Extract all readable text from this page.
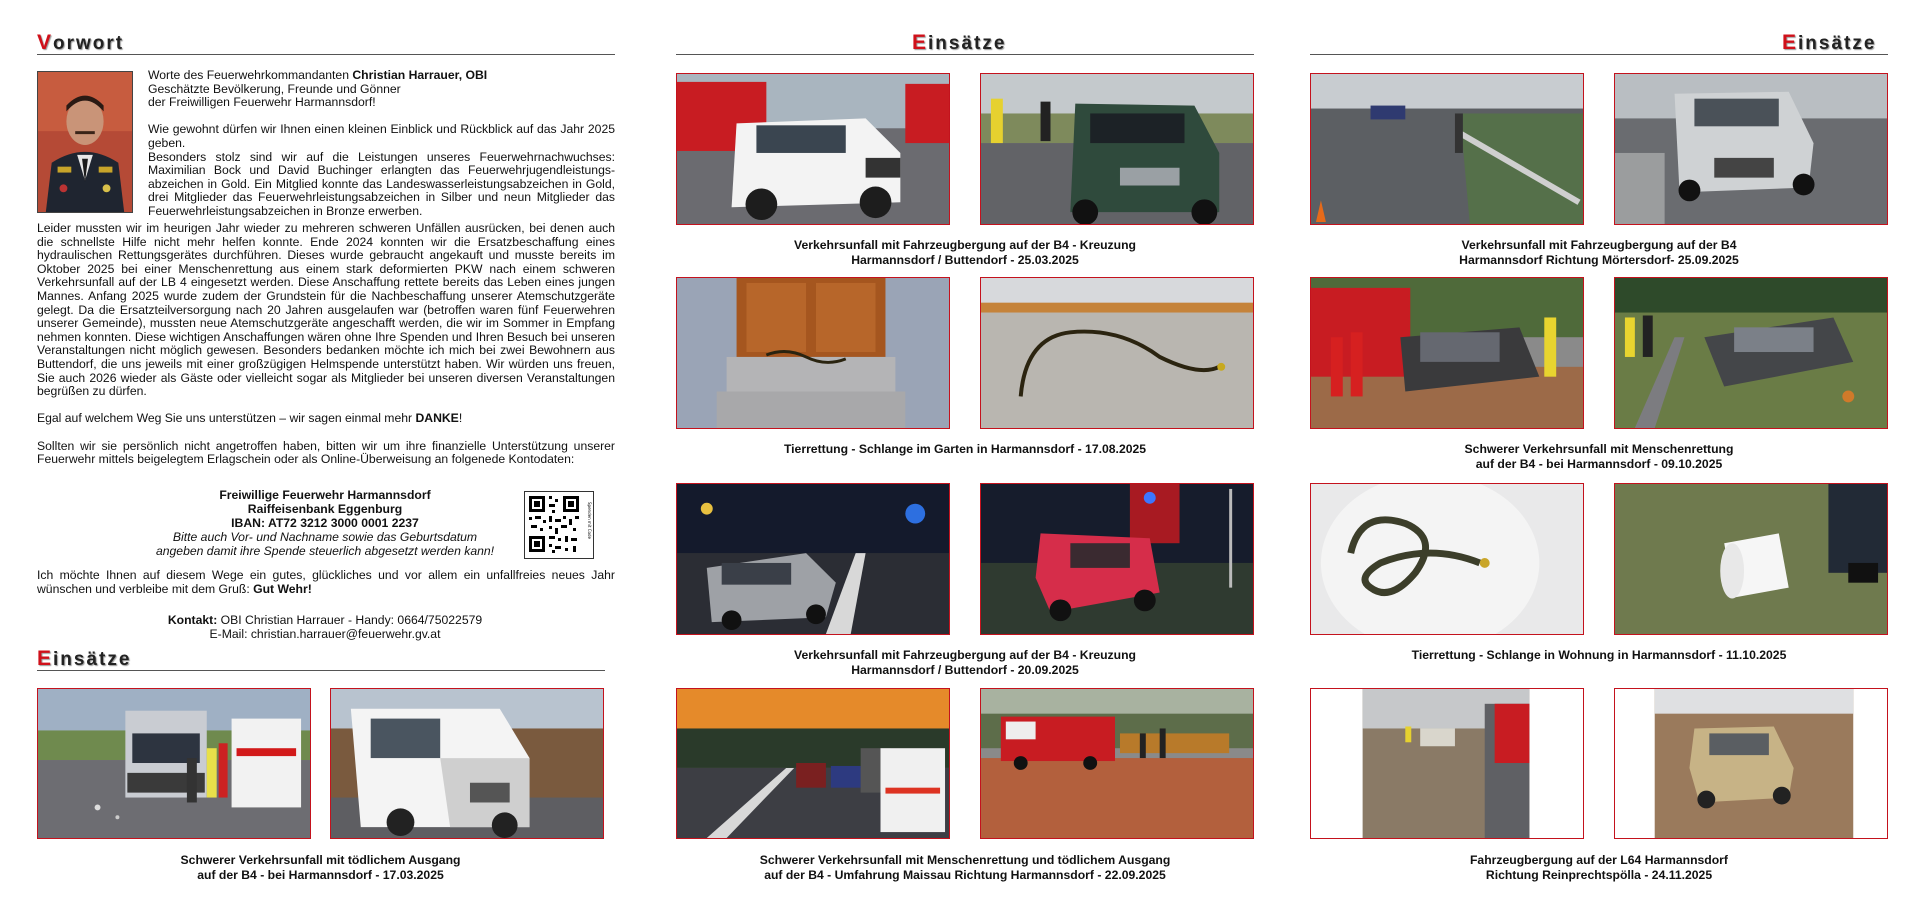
Vorwort

Worte des Feuerwehrkommandanten Christian Harrauer, OBI

Geschätzte Bevölkerung, Freunde und Gönner

der Freiwilligen Feuerwehr Harmannsdorf!

Wie gewohnt dürfen wir Ihnen einen kleinen Einblick und Rückblick auf das Jahr 2025 geben.

Besonders stolz sind wir auf die Leistungen unseres Feuerwehrnachwuchses: Maximilian Bock und David Buchinger erlangten das Feuerwehrjugendleistungs-abzeichen in Gold. Ein Mitglied konnte das Landeswasserleistungsabzeichen in Gold, drei Mitglieder das Feuerwehrleistungsabzeichen in Silber und neun Mitglieder das Feuerwehrleistungsabzeichen in Bronze erwerben.

Leider mussten wir im heurigen Jahr wieder zu mehreren schweren Unfällen ausrücken, bei denen auch die schnellste Hilfe nicht mehr helfen konnte. Ende 2024 konnten wir die Ersatzbeschaffung eines hydraulischen Rettungsgerätes durchführen. Dieses wurde gebraucht angekauft und musste bereits im Oktober 2025 bei einer Menschenrettung aus einem stark deformierten PKW nach einem schweren Verkehrsunfall auf der LB 4 eingesetzt werden. Diese Anschaffung rettete bereits das Leben eines jungen Mannes. Anfang 2025 wurde zudem der Grundstein für die Nachbeschaffung unserer Atemschutzgeräte gelegt. Da die Ersatzteilversorgung nach 20 Jahren ausgelaufen war (betroffen waren fünf Feuerwehren unserer Gemeinde), mussten neue Atemschutzgeräte angeschafft werden, die wir im Sommer in Empfang nehmen konnten. Diese wichtigen Anschaffungen wären ohne Ihre Spenden und Ihren Besuch bei unseren Veranstaltungen nicht möglich gewesen. Besonders bedanken möchte ich mich bei zwei Bewohnern aus Buttendorf, die uns jeweils mit einer großzügigen Helmspende unterstützt haben. Wir würden uns freuen, Sie auch 2026 wieder als Gäste oder vielleicht sogar als Mitglieder bei unseren diversen Veranstaltungen begrüßen zu dürfen.

Egal auf welchem Weg Sie uns unterstützen – wir sagen einmal mehr DANKE!

Sollten wir sie persönlich nicht angetroffen haben, bitten wir um ihre finanzielle Unterstützung unserer Feuerwehr mittels beigelegtem Erlagschein oder als Online-Überweisung an folgenede Kontodaten:

Freiwillige Feuerwehr Harmannsdorf
Raiffeisenbank Eggenburg
IBAN: AT72 3212 3000 0001 2237
Bitte auch Vor- und Nachname sowie das Geburtsdatum
angeben damit ihre Spende steuerlich abgesetzt werden kann!
Spenden mit Code

Ich möchte Ihnen auf diesem Wege ein gutes, glückliches und vor allem ein unfallfreies neues Jahr wünschen und verbleibe mit dem Gruß: Gut Wehr!

Kontakt: OBI Christian Harrauer - Handy: 0664/75022579
E-Mail: christian.harrauer@feuerwehr.gv.at
Einsätze
Schwerer Verkehrsunfall mit tödlichem Ausgang
auf der B4 - bei Harmannsdorf - 17.03.2025
Einsätze
Verkehrsunfall mit Fahrzeugbergung auf der B4 - Kreuzung
Harmannsdorf / Buttendorf - 25.03.2025
Tierrettung - Schlange im Garten in Harmannsdorf - 17.08.2025
Verkehrsunfall mit Fahrzeugbergung auf der B4 - Kreuzung
Harmannsdorf / Buttendorf - 20.09.2025
Schwerer Verkehrsunfall mit Menschenrettung und tödlichem Ausgang
auf der B4 - Umfahrung Maissau Richtung Harmannsdorf - 22.09.2025
Einsätze
Verkehrsunfall mit Fahrzeugbergung auf der B4
Harmannsdorf Richtung Mörtersdorf- 25.09.2025
Schwerer Verkehrsunfall mit Menschenrettung
auf der B4 - bei Harmannsdorf - 09.10.2025
Tierrettung - Schlange in Wohnung in Harmannsdorf - 11.10.2025
Fahrzeugbergung auf der L64 Harmannsdorf
Richtung Reinprechtspölla - 24.11.2025
